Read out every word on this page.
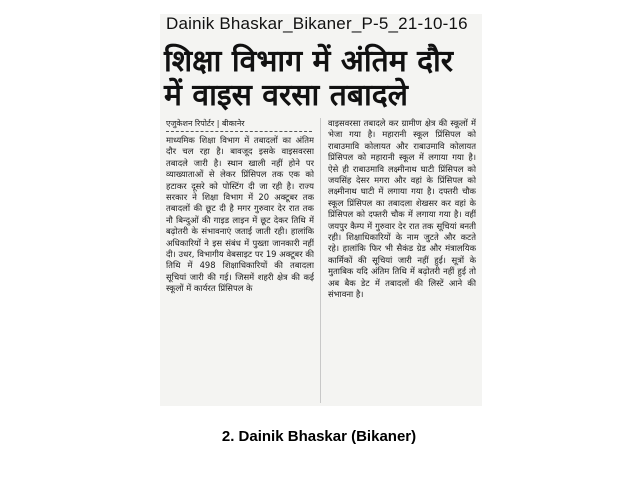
Dainik Bhaskar_Bikaner_P-5_21-10-16
शिक्षा विभाग में अंतिम दौर
में वाइस वरसा तबादले
एजुकेशन रिपोर्टर | बीकानेर

माध्यमिक शिक्षा विभाग में तबादलों का अंतिम दौर चल रहा है। बावजूद इसके वाइसवरसा तबादले जारी है। स्थान खाली नहीं होने पर व्याख्याताओं से लेकर प्रिंसिपल तक एक को हटाकर दूसरे को पोस्टिंग दी जा रही है। राज्य सरकार ने शिक्षा विभाग में 20 अक्टूबर तक तबादलों की छूट दी है मगर गुरुवार देर रात तक नौ बिन्दुओं की गाइड लाइन में छूट देकर तिथि में बढ़ोतरी के संभावनाएं जताई जाती रही। हालांकि अधिकारियों ने इस संबंध में पुख्ता जानकारी नहीं दी। उधर, विभागीय वेबसाइट पर 19 अक्टूबर की तिथि में 498 शिक्षाधिकारियों की तबादला सूचियां जारी की गई। जिसमें शहरी क्षेत्र की कई स्कूलों में कार्यरत प्रिंसिपल के

वाइसवरसा तबादले कर ग्रामीण क्षेत्र की स्कूलों में भेजा गया है। महारानी स्कूल प्रिंसिपल को राबाउमावि कोलायत और राबाउमावि कोलायत प्रिंसिपल को महारानी स्कूल में लगाया गया है। ऐसे ही राबाउमावि लक्ष्मीनाथ घाटी प्रिंसिपल को जयसिंह देसर मगरा और वहां के प्रिंसिपल को लक्ष्मीनाथ घाटी में लगाया गया है। दफ्तरी चौक स्कूल प्रिंसिपल का तबादला शेखसर कर वहां के प्रिंसिपल को दफ्तरी चौक में लगाया गया है। वहीं जयपुर कैम्प में गुरुवार देर रात तक सूचियां बनती रही। शिक्षाधिकारियों के नाम जुटते और कटते रहे। हालांकि फिर भी सैकंड ग्रेड और मंत्रालयिक कार्मिकों की सूचियां जारी नहीं हुई। सूत्रों के मुताबिक यदि अंतिम तिथि में बढ़ोतरी नहीं हुई तो अब बैक डेट में तबादलों की लिस्टें आने की संभावना है।

2. Dainik Bhaskar (Bikaner)
